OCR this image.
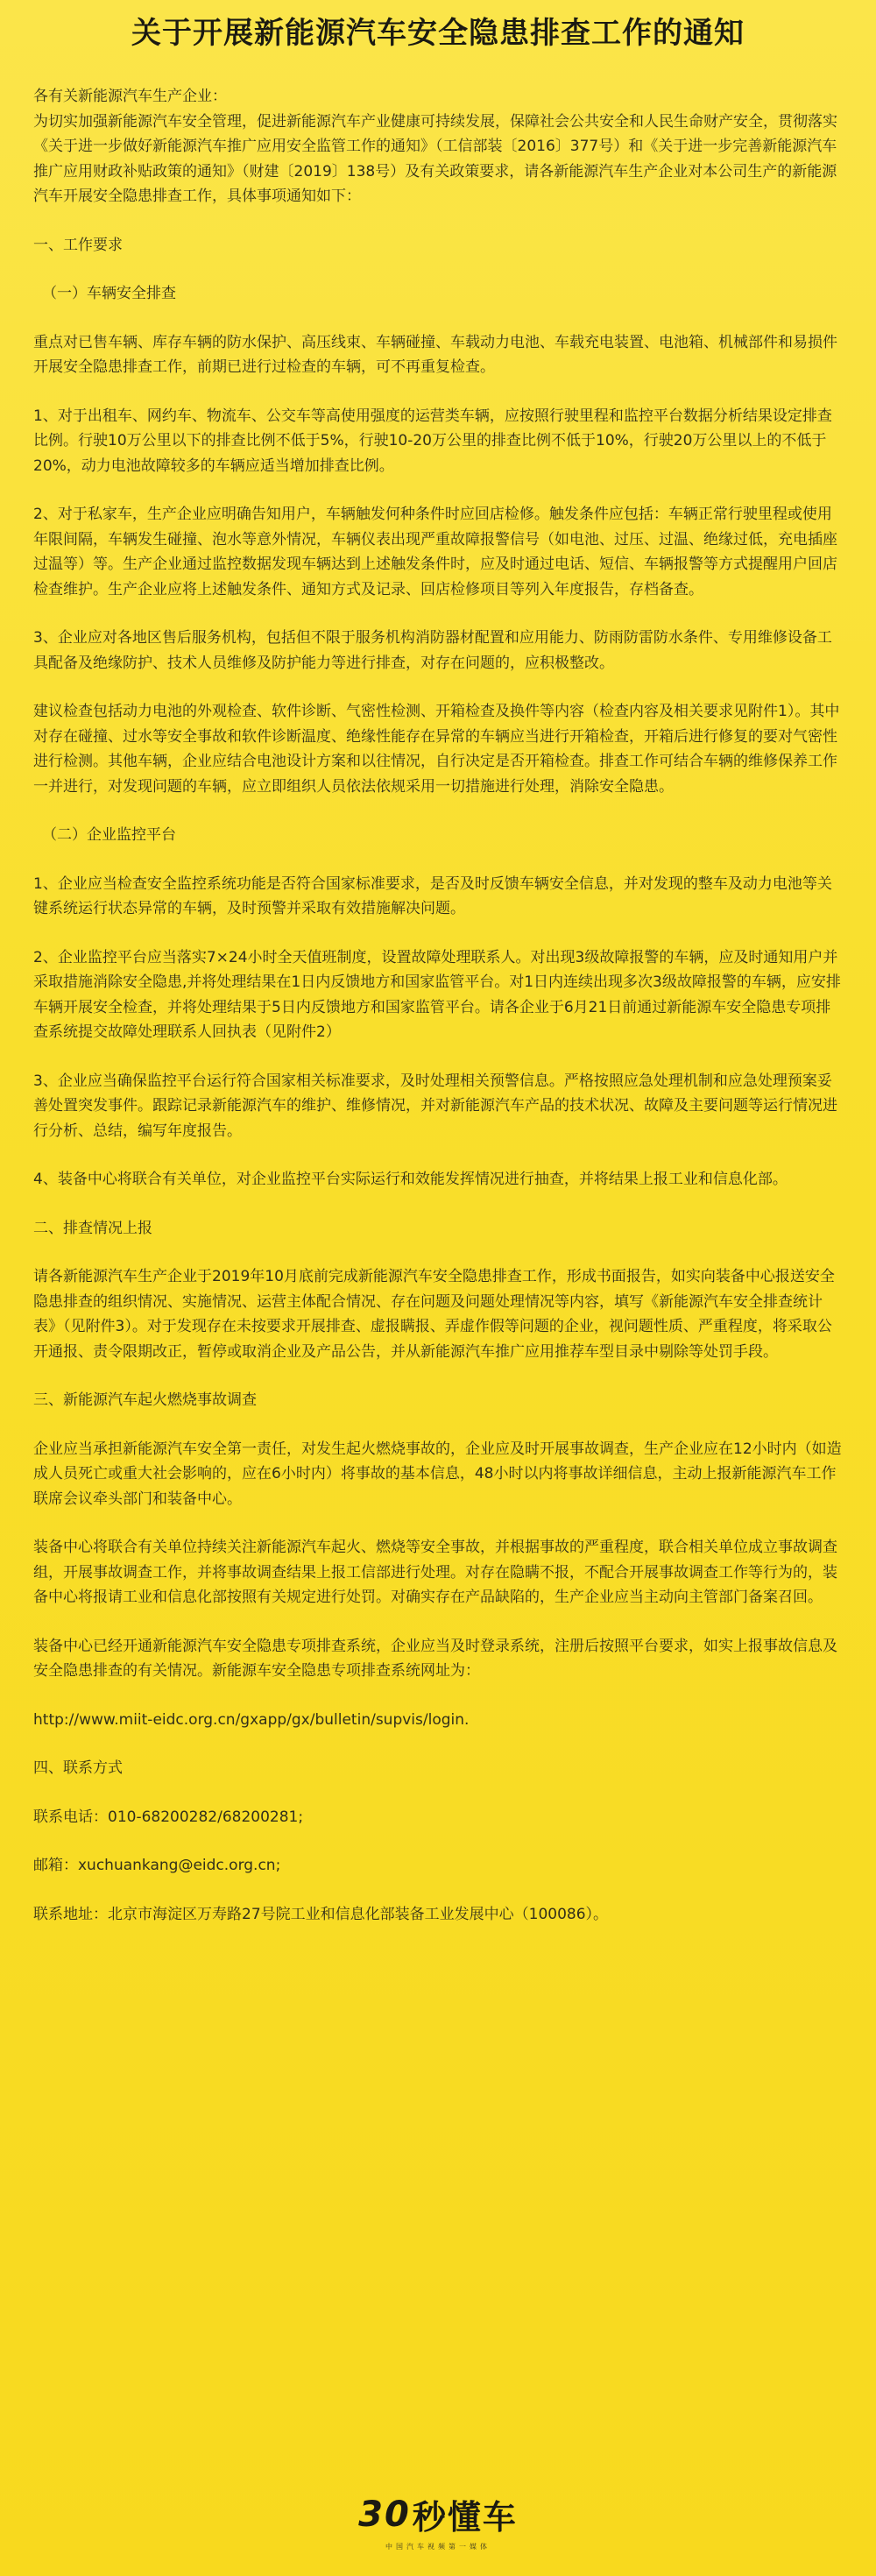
关于开展新能源汽车安全隐患排查工作的通知

各有关新能源汽车生产企业：

为切实加强新能源汽车安全管理，促进新能源汽车产业健康可持续发展，保障社会公共安全和人民生命财产安全，贯彻落实《关于进一步做好新能源汽车推广应用安全监管工作的通知》（工信部装〔2016〕377号）和《关于进一步完善新能源汽车推广应用财政补贴政策的通知》（财建〔2019〕138号）及有关政策要求，请各新能源汽车生产企业对本公司生产的新能源汽车开展安全隐患排查工作，具体事项通知如下：

一、工作要求

（一）车辆安全排查

重点对已售车辆、库存车辆的防水保护、高压线束、车辆碰撞、车载动力电池、车载充电装置、电池箱、机械部件和易损件开展安全隐患排查工作，前期已进行过检查的车辆，可不再重复检查。

1、对于出租车、网约车、物流车、公交车等高使用强度的运营类车辆，应按照行驶里程和监控平台数据分析结果设定排查比例。行驶10万公里以下的排查比例不低于5%，行驶10-20万公里的排查比例不低于10%，行驶20万公里以上的不低于20%，动力电池故障较多的车辆应适当增加排查比例。

2、对于私家车，生产企业应明确告知用户，车辆触发何种条件时应回店检修。触发条件应包括：车辆正常行驶里程或使用年限间隔，车辆发生碰撞、泡水等意外情况，车辆仪表出现严重故障报警信号（如电池、过压、过温、绝缘过低，充电插座过温等）等。生产企业通过监控数据发现车辆达到上述触发条件时，应及时通过电话、短信、车辆报警等方式提醒用户回店检查维护。生产企业应将上述触发条件、通知方式及记录、回店检修项目等列入年度报告，存档备查。

3、企业应对各地区售后服务机构，包括但不限于服务机构消防器材配置和应用能力、防雨防雷防水条件、专用维修设备工具配备及绝缘防护、技术人员维修及防护能力等进行排查，对存在问题的，应积极整改。

建议检查包括动力电池的外观检查、软件诊断、气密性检测、开箱检查及换件等内容（检查内容及相关要求见附件1）。其中对存在碰撞、过水等安全事故和软件诊断温度、绝缘性能存在异常的车辆应当进行开箱检查，开箱后进行修复的要对气密性进行检测。其他车辆，企业应结合电池设计方案和以往情况，自行决定是否开箱检查。排查工作可结合车辆的维修保养工作一并进行，对发现问题的车辆，应立即组织人员依法依规采用一切措施进行处理，消除安全隐患。

（二）企业监控平台

1、企业应当检查安全监控系统功能是否符合国家标准要求，是否及时反馈车辆安全信息，并对发现的整车及动力电池等关键系统运行状态异常的车辆，及时预警并采取有效措施解决问题。

2、企业监控平台应当落实7×24小时全天值班制度，设置故障处理联系人。对出现3级故障报警的车辆，应及时通知用户并采取措施消除安全隐患,并将处理结果在1日内反馈地方和国家监管平台。对1日内连续出现多次3级故障报警的车辆，应安排车辆开展安全检查，并将处理结果于5日内反馈地方和国家监管平台。请各企业于6月21日前通过新能源车安全隐患专项排查系统提交故障处理联系人回执表（见附件2）

3、企业应当确保监控平台运行符合国家相关标准要求，及时处理相关预警信息。严格按照应急处理机制和应急处理预案妥善处置突发事件。跟踪记录新能源汽车的维护、维修情况，并对新能源汽车产品的技术状况、故障及主要问题等运行情况进行分析、总结，编写年度报告。

4、装备中心将联合有关单位，对企业监控平台实际运行和效能发挥情况进行抽查，并将结果上报工业和信息化部。

二、排查情况上报

请各新能源汽车生产企业于2019年10月底前完成新能源汽车安全隐患排查工作，形成书面报告，如实向装备中心报送安全隐患排查的组织情况、实施情况、运营主体配合情况、存在问题及问题处理情况等内容，填写《新能源汽车安全排查统计表》（见附件3）。对于发现存在未按要求开展排查、虚报瞒报、弄虚作假等问题的企业，视问题性质、严重程度，将采取公开通报、责令限期改正，暂停或取消企业及产品公告，并从新能源汽车推广应用推荐车型目录中剔除等处罚手段。

三、新能源汽车起火燃烧事故调查

企业应当承担新能源汽车安全第一责任，对发生起火燃烧事故的，企业应及时开展事故调查，生产企业应在12小时内（如造成人员死亡或重大社会影响的，应在6小时内）将事故的基本信息，48小时以内将事故详细信息，主动上报新能源汽车工作联席会议牵头部门和装备中心。

装备中心将联合有关单位持续关注新能源汽车起火、燃烧等安全事故，并根据事故的严重程度，联合相关单位成立事故调查组，开展事故调查工作，并将事故调查结果上报工信部进行处理。对存在隐瞒不报，不配合开展事故调查工作等行为的，装备中心将报请工业和信息化部按照有关规定进行处罚。对确实存在产品缺陷的，生产企业应当主动向主管部门备案召回。

装备中心已经开通新能源汽车安全隐患专项排查系统，企业应当及时登录系统，注册后按照平台要求，如实上报事故信息及安全隐患排查的有关情况。新能源车安全隐患专项排查系统网址为：

http://www.miit-eidc.org.cn/gxapp/gx/bulletin/supvis/login.

四、联系方式

联系电话：010-68200282/68200281;

邮箱：xuchuankang@eidc.org.cn;

联系地址：北京市海淀区万寿路27号院工业和信息化部装备工业发展中心（100086）。

30 秒懂车
中国汽车视频第一媒体
